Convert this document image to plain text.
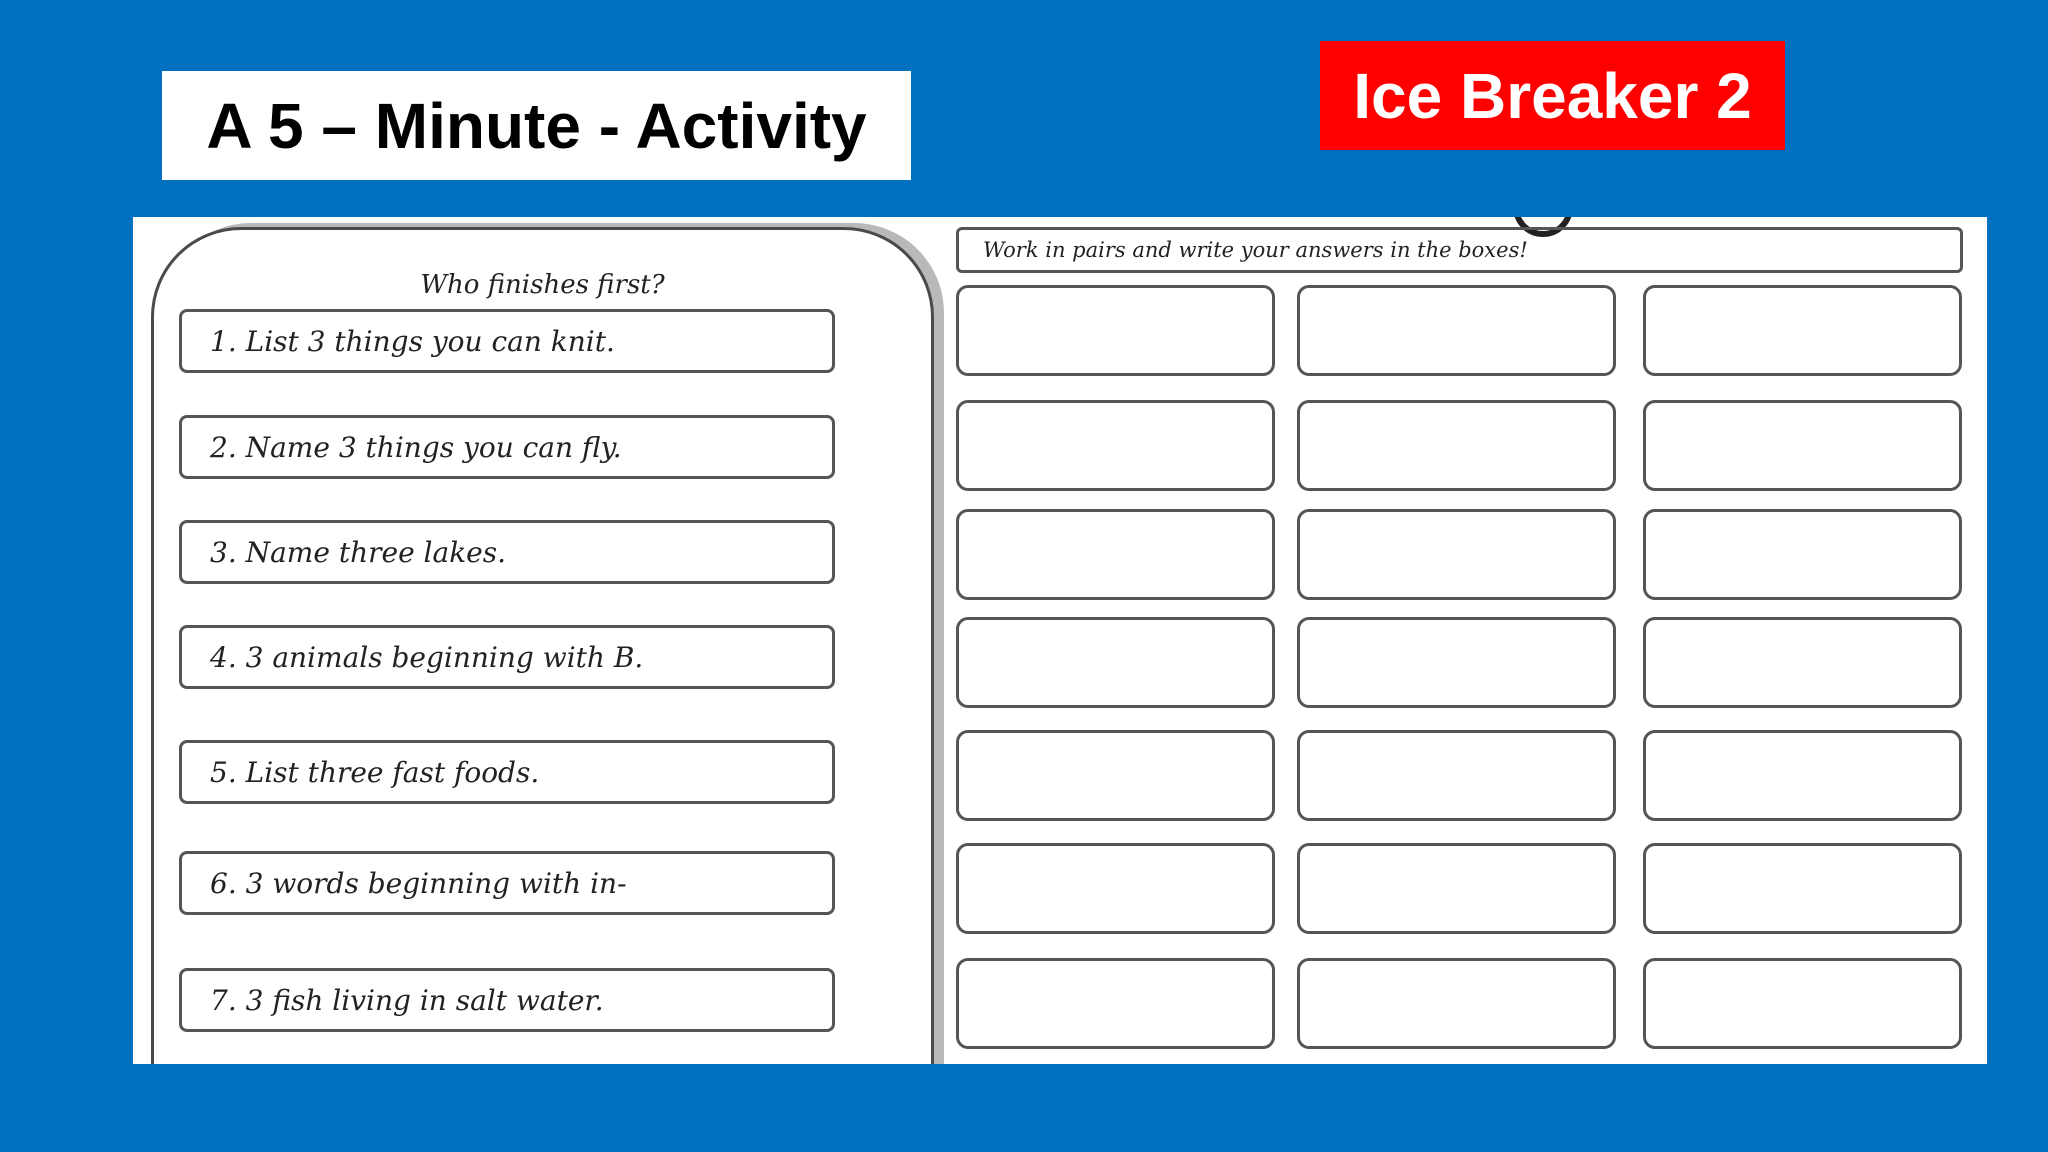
A 5 – Minute - Activity	Ice Breaker 2
Who finishes first?
1. List 3 things you can knit.
2. Name 3 things you can fly.
3. Name three lakes.
4. 3 animals beginning with B.
5. List three fast foods.
6. 3 words beginning with in-
7. 3 fish living in salt water.
Work in pairs and write your answers in the boxes!
